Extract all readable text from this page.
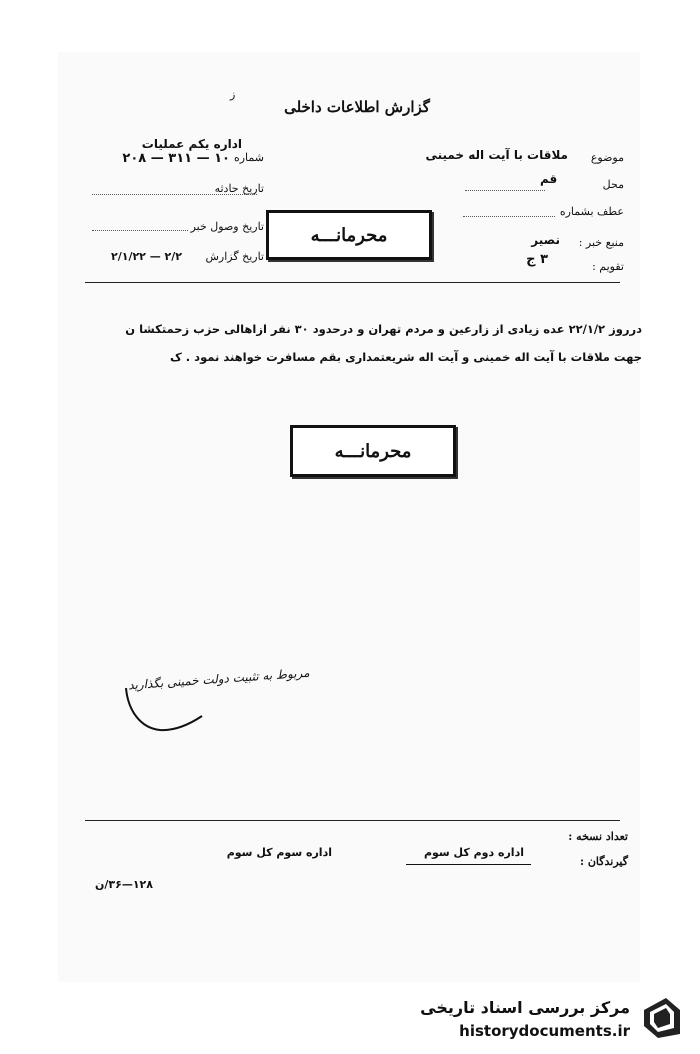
ﺯ
گزارش اطلاعات داخلی
موضوع
ملاقات با آیت اله خمینی
محل
قم
عطف بشماره
منبع خبر :
نصیر
تقویم :
۳ ج
اداره یکم عملیات
شماره
۲۰۸ — ۳۱۱ — ۱۰
تاریخ حادثه
تاریخ وصول خبر
تاریخ گزارش
۲/۱/۲۲ — ۲/۲
محرمانـــه
درروز ۲۲/۱/۲ عده زیادی از زارعین و مردم تهران و درحدود ۳۰ نفر ازاهالی حزب زحمتکشا ن
جهت ملاقات با آیت اله خمینی و آیت اله شریعتمداری بقم مسافرت خواهند نمود . ک
محرمانـــه
مربوط به تثبیت دولت خمینی بگذارید
تعداد نسخه :
گیرندگان :
اداره دوم کل سوم
اداره سوم کل سوم
۱۲۸—۳۶/ن
مرکز بررسی اسناد تاریخی
historydocuments.ir
